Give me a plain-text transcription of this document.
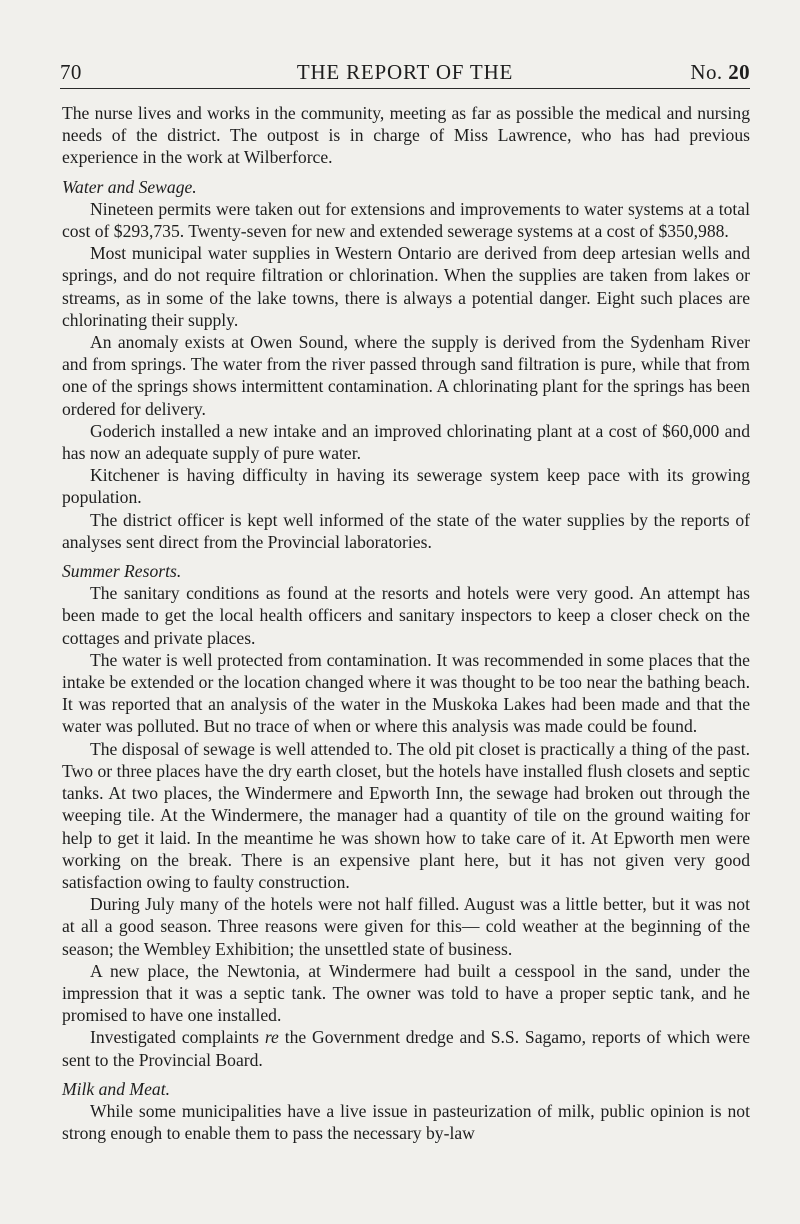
70	THE REPORT OF THE	No. 20

The nurse lives and works in the community, meeting as far as possible the medical and nursing needs of the district. The outpost is in charge of Miss Lawrence, who has had previous experience in the work at Wilberforce.

Water and Sewage.

Nineteen permits were taken out for extensions and improvements to water systems at a total cost of $293,735. Twenty-seven for new and extended sewerage systems at a cost of $350,988.

Most municipal water supplies in Western Ontario are derived from deep artesian wells and springs, and do not require filtration or chlorination. When the supplies are taken from lakes or streams, as in some of the lake towns, there is always a potential danger. Eight such places are chlorinating their supply.

An anomaly exists at Owen Sound, where the supply is derived from the Sydenham River and from springs. The water from the river passed through sand filtration is pure, while that from one of the springs shows intermittent contamination. A chlorinating plant for the springs has been ordered for delivery.

Goderich installed a new intake and an improved chlorinating plant at a cost of $60,000 and has now an adequate supply of pure water.

Kitchener is having difficulty in having its sewerage system keep pace with its growing population.

The district officer is kept well informed of the state of the water supplies by the reports of analyses sent direct from the Provincial laboratories.

Summer Resorts.

The sanitary conditions as found at the resorts and hotels were very good. An attempt has been made to get the local health officers and sanitary inspectors to keep a closer check on the cottages and private places.

The water is well protected from contamination. It was recommended in some places that the intake be extended or the location changed where it was thought to be too near the bathing beach. It was reported that an analysis of the water in the Muskoka Lakes had been made and that the water was polluted. But no trace of when or where this analysis was made could be found.

The disposal of sewage is well attended to. The old pit closet is practically a thing of the past. Two or three places have the dry earth closet, but the hotels have installed flush closets and septic tanks. At two places, the Windermere and Epworth Inn, the sewage had broken out through the weeping tile. At the Windermere, the manager had a quantity of tile on the ground waiting for help to get it laid. In the meantime he was shown how to take care of it. At Epworth men were working on the break. There is an expensive plant here, but it has not given very good satisfaction owing to faulty construction.

During July many of the hotels were not half filled. August was a little better, but it was not at all a good season. Three reasons were given for this— cold weather at the beginning of the season; the Wembley Exhibition; the unsettled state of business.

A new place, the Newtonia, at Windermere had built a cesspool in the sand, under the impression that it was a septic tank. The owner was told to have a proper septic tank, and he promised to have one installed.

Investigated complaints re the Government dredge and S.S. Sagamo, reports of which were sent to the Provincial Board.

Milk and Meat.

While some municipalities have a live issue in pasteurization of milk, public opinion is not strong enough to enable them to pass the necessary by-law
